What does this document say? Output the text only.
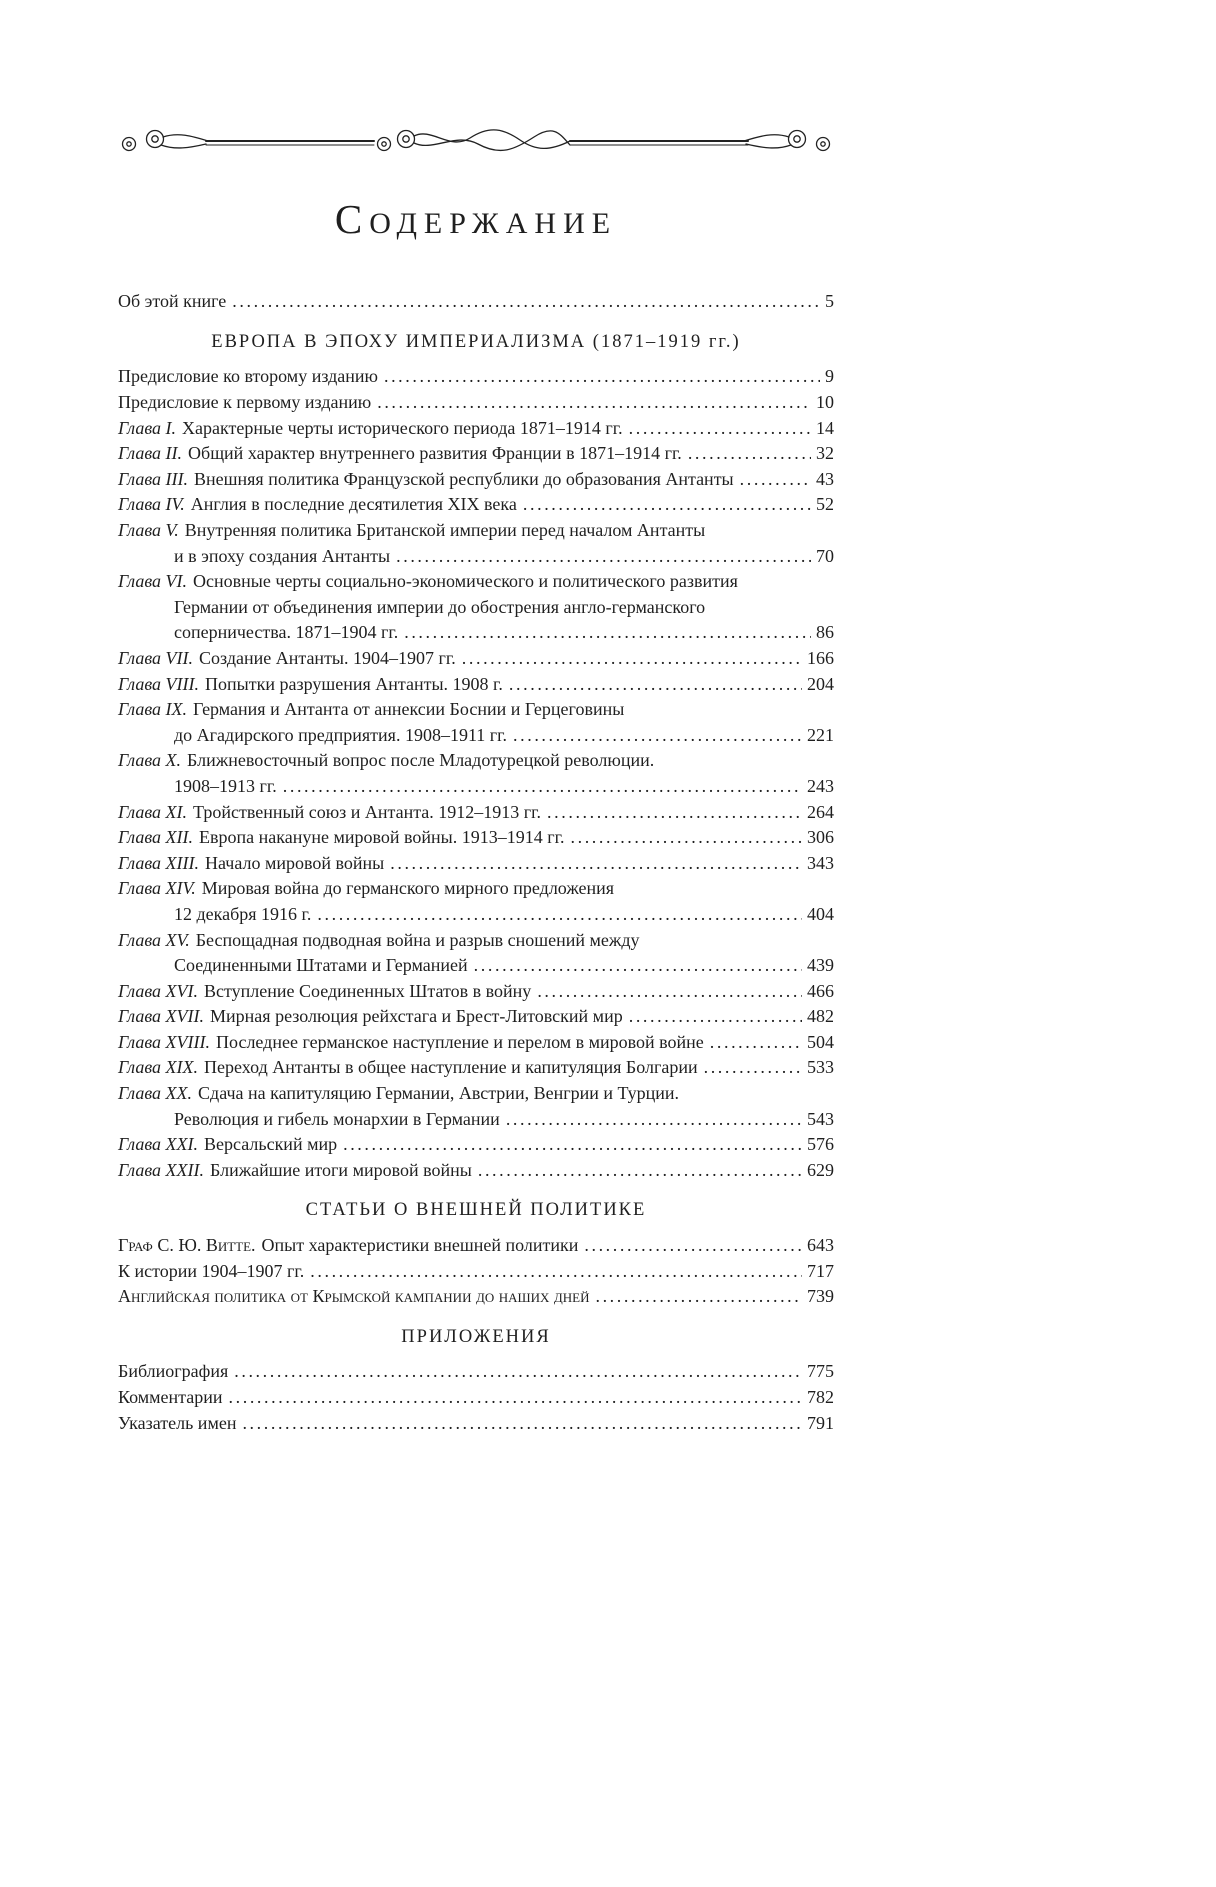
СОДЕРЖАНИЕ
Об этой книге .....	5
ЕВРОПА В ЭПОХУ ИМПЕРИАЛИЗМА (1871–1919 гг.)
Предисловие ко второму изданию .....	9
Предисловие к первому изданию .....	10
Глава I. Характерные черты исторического периода 1871–1914 гг. .....	14
Глава II. Общий характер внутреннего развития Франции в 1871–1914 гг. .....	32
Глава III. Внешняя политика Французской республики до образования Антанты .....	43
Глава IV. Англия в последние десятилетия XIX века .....	52
Глава V. Внутренняя политика Британской империи перед началом Антанты
и в эпоху создания Антанты .....	70
Глава VI. Основные черты социально-экономического и политического развития
Германии от объединения империи до обострения англо-германского
соперничества. 1871–1904 гг. .....	86
Глава VII. Создание Антанты. 1904–1907 гг. .....	166
Глава VIII. Попытки разрушения Антанты. 1908 г. .....	204
Глава IX. Германия и Антанта от аннексии Боснии и Герцеговины
до Агадирского предприятия. 1908–1911 гг. .....	221
Глава X. Ближневосточный вопрос после Младотурецкой революции.
1908–1913 гг. .....	243
Глава XI. Тройственный союз и Антанта. 1912–1913 гг. .....	264
Глава XII. Европа накануне мировой войны. 1913–1914 гг. .....	306
Глава XIII. Начало мировой войны .....	343
Глава XIV. Мировая война до германского мирного предложения
12 декабря 1916 г. .....	404
Глава XV. Беспощадная подводная война и разрыв сношений между
Соединенными Штатами и Германией .....	439
Глава XVI. Вступление Соединенных Штатов в войну .....	466
Глава XVII. Мирная резолюция рейхстага и Брест-Литовский мир .....	482
Глава XVIII. Последнее германское наступление и перелом в мировой войне .....	504
Глава XIX. Переход Антанты в общее наступление и капитуляция Болгарии .....	533
Глава XX. Сдача на капитуляцию Германии, Австрии, Венгрии и Турции.
Революция и гибель монархии в Германии .....	543
Глава XXI. Версальский мир .....	576
Глава XXII. Ближайшие итоги мировой войны .....	629
СТАТЬИ О ВНЕШНЕЙ ПОЛИТИКЕ
Граф С. Ю. Витте. Опыт характеристики внешней политики .....	643
К истории 1904–1907 гг. .....	717
Английская политика от Крымской кампании до наших дней .....	739
ПРИЛОЖЕНИЯ
Библиография .....	775
Комментарии .....	782
Указатель имен .....	791
